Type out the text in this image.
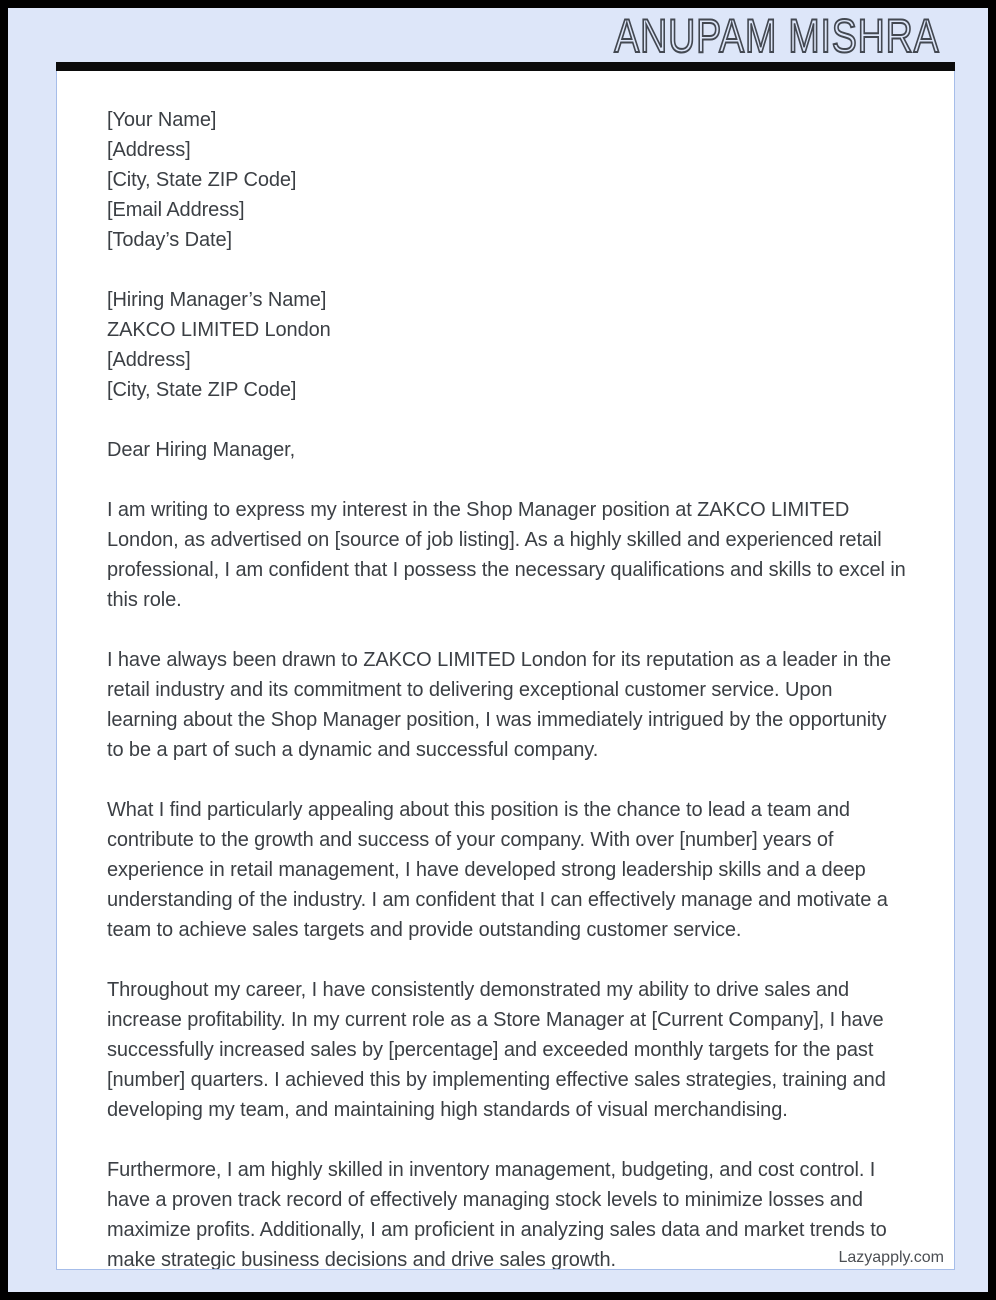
ANUPAM MISHRA
[Your Name]
[Address]
[City, State ZIP Code]
[Email Address]
[Today’s Date]
[Hiring Manager’s Name]
ZAKCO LIMITED London
[Address]
[City, State ZIP Code]
Dear Hiring Manager,
I am writing to express my interest in the Shop Manager position at ZAKCO LIMITED London, as advertised on [source of job listing]. As a highly skilled and experienced retail professional, I am confident that I possess the necessary qualifications and skills to excel in this role.
I have always been drawn to ZAKCO LIMITED London for its reputation as a leader in the retail industry and its commitment to delivering exceptional customer service. Upon learning about the Shop Manager position, I was immediately intrigued by the opportunity to be a part of such a dynamic and successful company.
What I find particularly appealing about this position is the chance to lead a team and contribute to the growth and success of your company. With over [number] years of experience in retail management, I have developed strong leadership skills and a deep understanding of the industry. I am confident that I can effectively manage and motivate a team to achieve sales targets and provide outstanding customer service.
Throughout my career, I have consistently demonstrated my ability to drive sales and increase profitability. In my current role as a Store Manager at [Current Company], I have successfully increased sales by [percentage] and exceeded monthly targets for the past [number] quarters. I achieved this by implementing effective sales strategies, training and developing my team, and maintaining high standards of visual merchandising.
Furthermore, I am highly skilled in inventory management, budgeting, and cost control. I have a proven track record of effectively managing stock levels to minimize losses and maximize profits. Additionally, I am proficient in analyzing sales data and market trends to make strategic business decisions and drive sales growth.	Lazyapply.com
